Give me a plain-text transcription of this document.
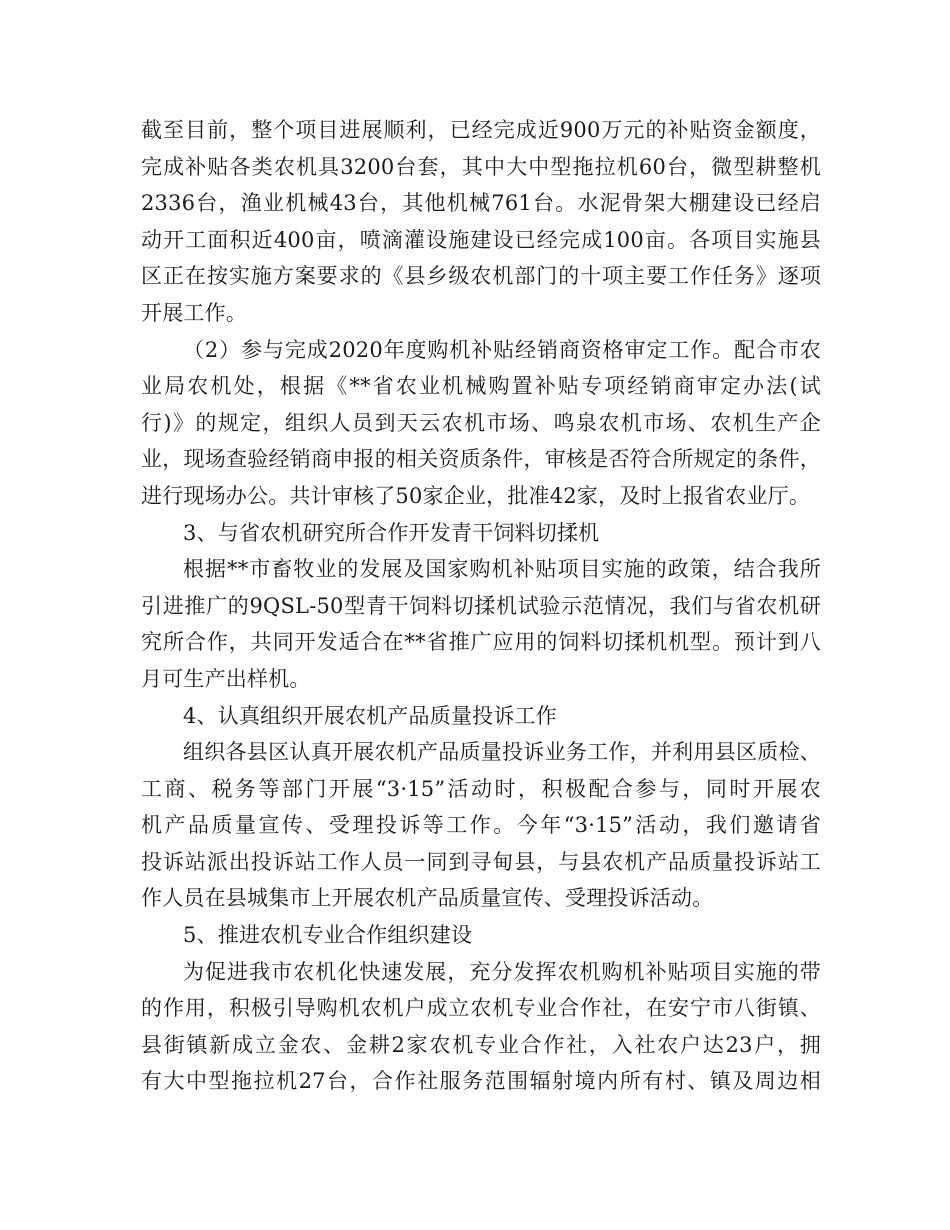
截至目前，整个项目进展顺利，已经完成近900万元的补贴资金额度，
完成补贴各类农机具3200台套，其中大中型拖拉机60台，微型耕整机
2336台，渔业机械43台，其他机械761台。水泥骨架大棚建设已经启
动开工面积近400亩，喷滴灌设施建设已经完成100亩。各项目实施县
区正在按实施方案要求的《县乡级农机部门的十项主要工作任务》逐项
开展工作。
（2）参与完成2020年度购机补贴经销商资格审定工作。配合市农
业局农机处，根据《**省农业机械购置补贴专项经销商审定办法(试
行)》的规定，组织人员到天云农机市场、鸣泉农机市场、农机生产企
业，现场查验经销商申报的相关资质条件，审核是否符合所规定的条件，
进行现场办公。共计审核了50家企业，批准42家，及时上报省农业厅。
3、与省农机研究所合作开发青干饲料切揉机
根据**市畜牧业的发展及国家购机补贴项目实施的政策，结合我所
引进推广的9QSL-50型青干饲料切揉机试验示范情况，我们与省农机研
究所合作，共同开发适合在**省推广应用的饲料切揉机机型。预计到八
月可生产出样机。
4、认真组织开展农机产品质量投诉工作
组织各县区认真开展农机产品质量投诉业务工作，并利用县区质检、
工商、税务等部门开展“3·15”活动时，积极配合参与，同时开展农
机产品质量宣传、受理投诉等工作。今年“3·15”活动，我们邀请省
投诉站派出投诉站工作人员一同到寻甸县，与县农机产品质量投诉站工
作人员在县城集市上开展农机产品质量宣传、受理投诉活动。
5、推进农机专业合作组织建设
为促进我市农机化快速发展，充分发挥农机购机补贴项目实施的带
的作用，积极引导购机农机户成立农机专业合作社，在安宁市八街镇、
县街镇新成立金农、金耕2家农机专业合作社，入社农户达23户，拥
有大中型拖拉机27台，合作社服务范围辐射境内所有村、镇及周边相
